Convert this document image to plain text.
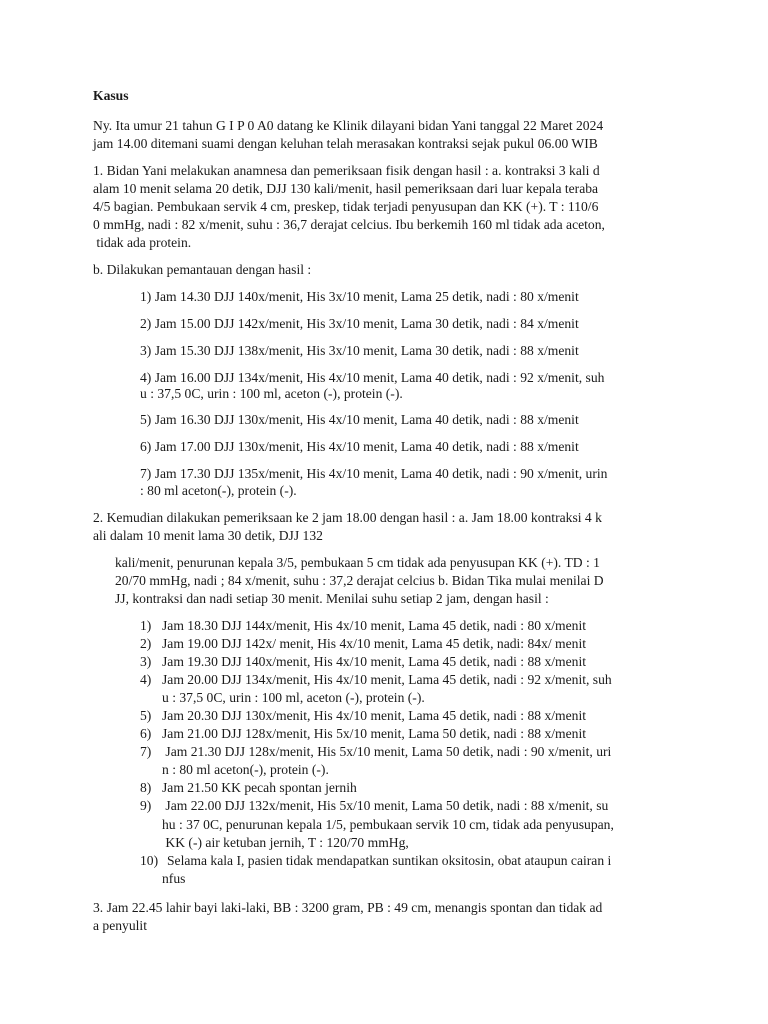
Kasus
Ny. Ita umur 21 tahun G I P 0 A0 datang ke Klinik dilayani bidan Yani tanggal 22 Maret 2024
jam 14.00 ditemani suami dengan keluhan telah merasakan kontraksi sejak pukul 06.00 WIB
1. Bidan Yani melakukan anamnesa dan pemeriksaan fisik dengan hasil : a. kontraksi 3 kali d
alam 10 menit selama 20 detik, DJJ 130 kali/menit, hasil pemeriksaan dari luar kepala teraba
4/5 bagian. Pembukaan servik 4 cm, preskep, tidak terjadi penyusupan dan KK (+). T : 110/6
0 mmHg, nadi : 82 x/menit, suhu : 36,7 derajat celcius. Ibu berkemih 160 ml tidak ada aceton,
tidak ada protein.
b. Dilakukan pemantauan dengan hasil :
1) Jam 14.30 DJJ 140x/menit, His 3x/10 menit, Lama 25 detik, nadi : 80 x/menit
2) Jam 15.00 DJJ 142x/menit, His 3x/10 menit, Lama 30 detik, nadi : 84 x/menit
3) Jam 15.30 DJJ 138x/menit, His 3x/10 menit, Lama 30 detik, nadi : 88 x/menit
4) Jam 16.00 DJJ 134x/menit, His 4x/10 menit, Lama 40 detik, nadi : 92 x/menit, suh
u : 37,5 0C, urin : 100 ml, aceton (-), protein (-).
5) Jam 16.30 DJJ 130x/menit, His 4x/10 menit, Lama 40 detik, nadi : 88 x/menit
6) Jam 17.00 DJJ 130x/menit, His 4x/10 menit, Lama 40 detik, nadi : 88 x/menit
7) Jam 17.30 DJJ 135x/menit, His 4x/10 menit, Lama 40 detik, nadi : 90 x/menit, urin
: 80 ml aceton(-), protein (-).
2. Kemudian dilakukan pemeriksaan ke 2 jam 18.00 dengan hasil : a. Jam 18.00 kontraksi 4 k
ali dalam 10 menit lama 30 detik, DJJ 132
kali/menit, penurunan kepala 3/5, pembukaan 5 cm tidak ada penyusupan KK (+). TD : 1
20/70 mmHg, nadi ; 84 x/menit, suhu : 37,2 derajat celcius b. Bidan Tika mulai menilai D
JJ, kontraksi dan nadi setiap 30 menit. Menilai suhu setiap 2 jam, dengan hasil :
1) Jam 18.30 DJJ 144x/menit, His 4x/10 menit, Lama 45 detik, nadi : 80 x/menit
2) Jam 19.00 DJJ 142x/ menit, His 4x/10 menit, Lama 45 detik, nadi: 84x/ menit
3) Jam 19.30 DJJ 140x/menit, His 4x/10 menit, Lama 45 detik, nadi : 88 x/menit
4) Jam 20.00 DJJ 134x/menit, His 4x/10 menit, Lama 45 detik, nadi : 92 x/menit, suh
u : 37,5 0C, urin : 100 ml, aceton (-), protein (-).
5) Jam 20.30 DJJ 130x/menit, His 4x/10 menit, Lama 45 detik, nadi : 88 x/menit
6) Jam 21.00 DJJ 128x/menit, His 5x/10 menit, Lama 50 detik, nadi : 88 x/menit
7) Jam 21.30 DJJ 128x/menit, His 5x/10 menit, Lama 50 detik, nadi : 90 x/menit, uri
n : 80 ml aceton(-), protein (-).
8) Jam 21.50 KK pecah spontan jernih
9) Jam 22.00 DJJ 132x/menit, His 5x/10 menit, Lama 50 detik, nadi : 88 x/menit, su
hu : 37 0C, penurunan kepala 1/5, pembukaan servik 10 cm, tidak ada penyusupan,
KK (-) air ketuban jernih, T : 120/70 mmHg,
10) Selama kala I, pasien tidak mendapatkan suntikan oksitosin, obat ataupun cairan i
nfus
3. Jam 22.45 lahir bayi laki-laki, BB : 3200 gram, PB : 49 cm, menangis spontan dan tidak ad
a penyulit
